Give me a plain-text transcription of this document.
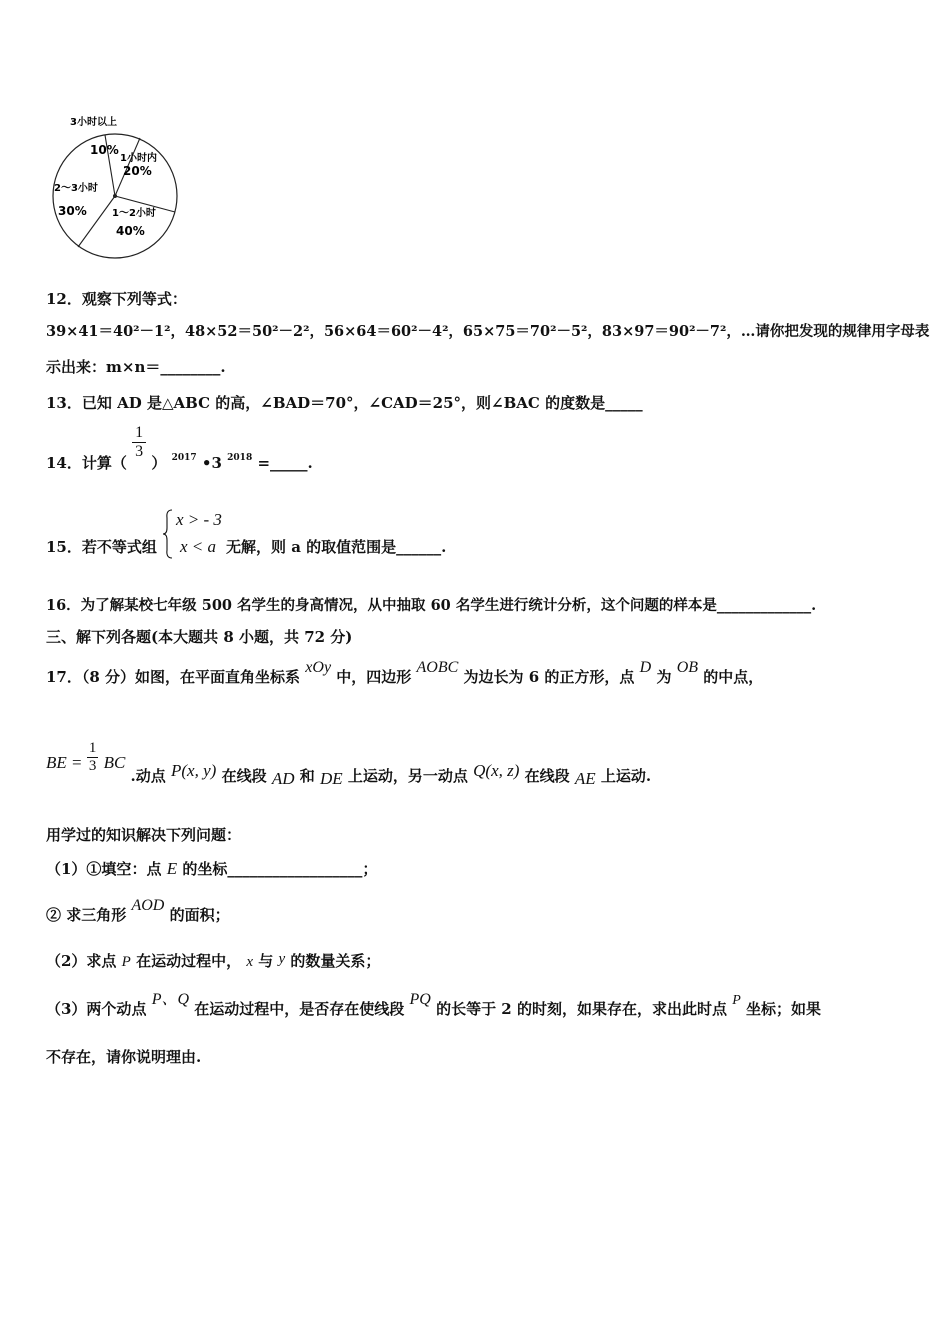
3小时以上
10%
1小时内
20%
2～3小时
30%	1～2小时
40%
12．观察下列等式：
39×41＝40²－1²，48×52＝50²－2²，56×64＝60²－4²，65×75＝70²－5²，83×97＝90²－7²，…请你把发现的规律用字母表
示出来：m×n＝________.
13．已知 AD 是△ABC 的高，∠BAD＝70°，∠CAD＝25°，则∠BAC 的度数是_____
14．计算（
$\frac{1}{3}$
） $_{2017}$ •3 $_{2018}$ =_____.
15．若不等式组
x > - 3
x < a 无解，则 a 的取值范围是______.
16．为了解某校七年级 500 名学生的身高情况，从中抽取 60 名学生进行统计分析，这个问题的样本是_____________.
三、解下列各题(本大题共 8 小题，共 72 分)
17．（8 分）如图，在平面直角坐标系 xOy 中，四边形 AOBC 为边长为 6 的正方形，点 D 为 OB 的中点，
BE = $\frac{1}{3}$ BC .动点 P(x, y) 在线段 AD 和 DE 上运动，另一动点 Q(x, z) 在线段 AE 上运动.
用学过的知识解决下列问题：
（1）①填空：点 E 的坐标__________________；
② 求三角形 AOD 的面积；
（2）求点 P 在运动过程中， x 与 y 的数量关系；
（3）两个动点 P、Q 在运动过程中，是否存在使线段 PQ 的长等于 2 的时刻，如果存在，求出此时点 P 坐标；如果
不存在，请你说明理由.
